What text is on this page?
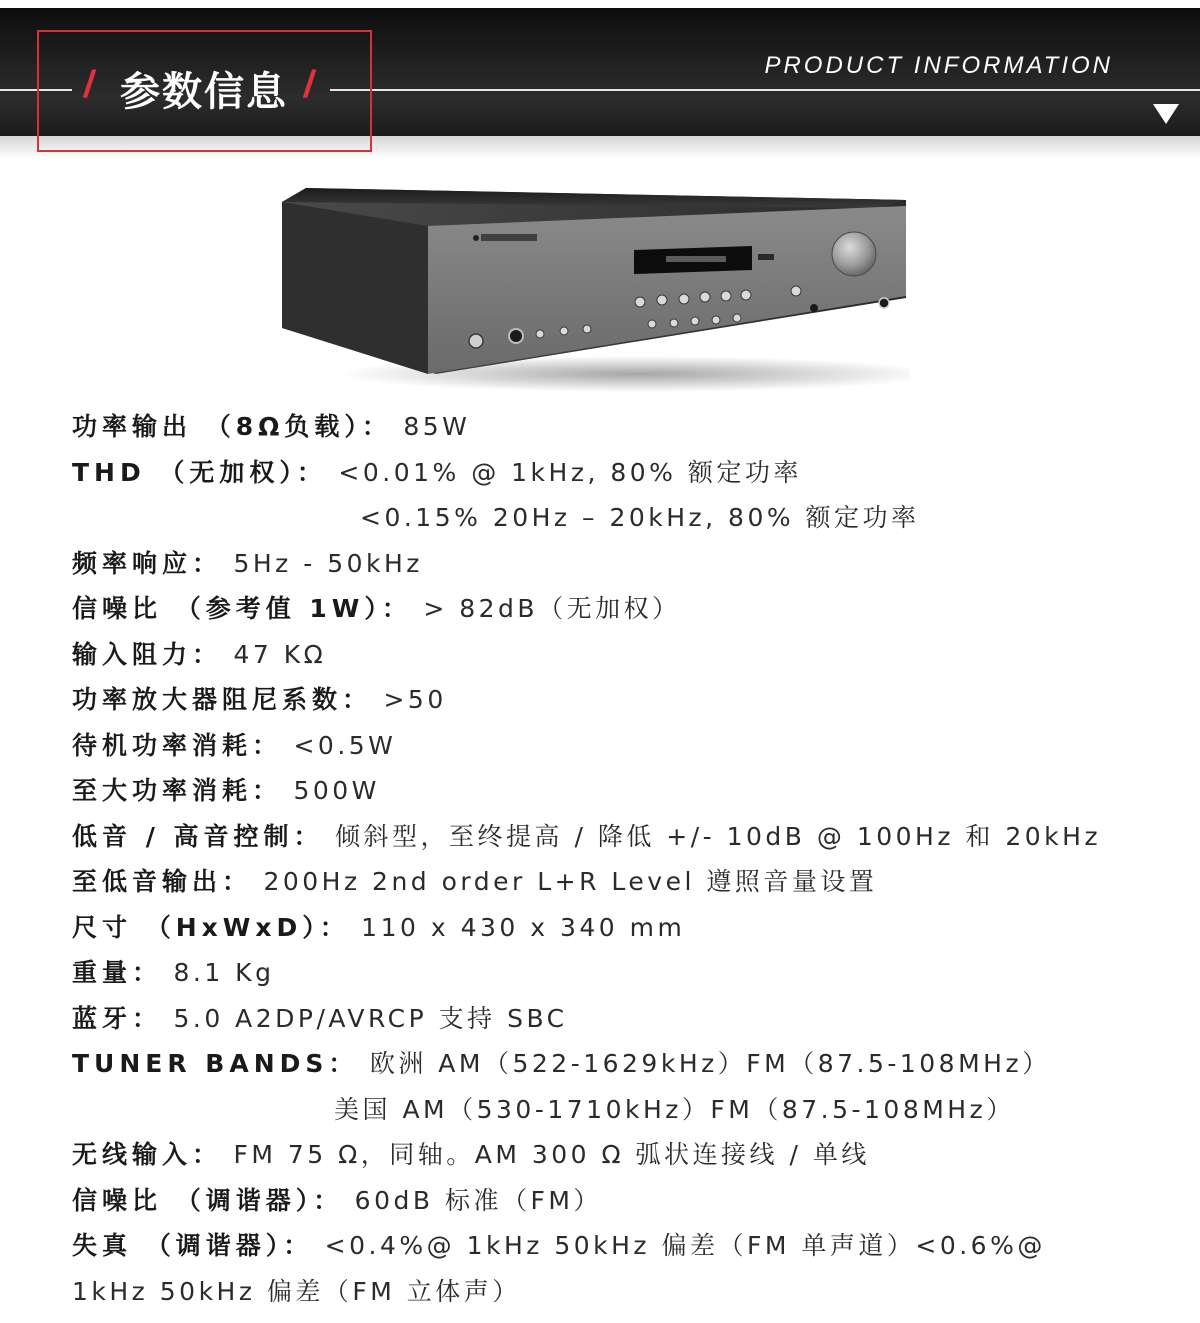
/ 参数信息 /	PRODUCT INFORMATION
功率输出 （8Ω负载）： 85W
THD （无加权）： <0.01% @ 1kHz, 80% 额定功率
<0.15% 20Hz – 20kHz, 80% 额定功率
频率响应： 5Hz - 50kHz
信噪比 （参考值 1W）： > 82dB（无加权）
输入阻力： 47 KΩ
功率放大器阻尼系数： >50
待机功率消耗： <0.5W
至大功率消耗： 500W
低音 / 高音控制： 倾斜型，至终提高 / 降低 +/- 10dB @ 100Hz 和 20kHz
至低音输出： 200Hz 2nd order L+R Level 遵照音量设置
尺寸 （HxWxD）： 110 x 430 x 340 mm
重量： 8.1 Kg
蓝牙： 5.0 A2DP/AVRCP 支持 SBC
TUNER BANDS： 欧洲 AM（522-1629kHz）FM（87.5-108MHz）
美国 AM（530-1710kHz）FM（87.5-108MHz）
无线输入： FM 75 Ω，同轴。AM 300 Ω 弧状连接线 / 单线
信噪比 （调谐器）： 60dB 标准（FM）
失真 （调谐器）： <0.4%@ 1kHz 50kHz 偏差（FM 单声道）<0.6%@
1kHz 50kHz 偏差（FM 立体声）
